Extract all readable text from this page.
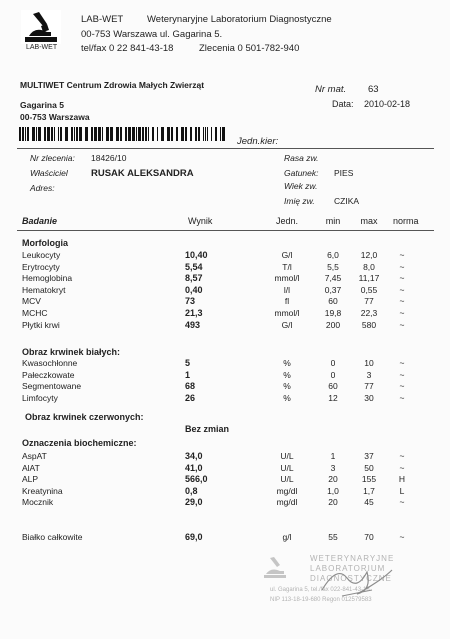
LAB-WET
LAB-WET	Weterynaryjne Laboratorium Diagnostyczne
00-753 Warszawa ul. Gagarina 5.
tel/fax 0 22 841-43-18	Zlecenia 0 501-782-940
MULTIWET Centrum Zdrowia Małych Zwierząt	Nr mat. 63
Gagarina 5	Data: 2010-02-18
00-753 Warszawa
Jedn.kier:
Nr zlecenia: 18426/10	Rasa zw.
Właściciel RUSAK ALEKSANDRA	Gatunek: PIES
Adres:	Wiek zw.
Imię zw. CZIKA
Badanie	Wynik	Jedn.	min	max	norma
Morfologia
Leukocyty	10,40	G/l	6,0	12,0	~
Erytrocyty	5,54	T/l	5,5	8,0	~
Hemoglobina	8,57	mmol/l	7,45	11,17	~
Hematokryt	0,40	l/l	0,37	0,55	~
MCV	73	fl	60	77	~
MCHC	21,3	mmol/l	19,8	22,3	~
Płytki krwi	493	G/l	200	580	~
Obraz krwinek białych:
Kwasochłonne	5	%	0	10	~
Pałeczkowate	1	%	0	3	~
Segmentowane	68	%	60	77	~
Limfocyty	26	%	12	30	~
Obraz krwinek czerwonych:
Bez zmian
Oznaczenia biochemiczne:
AspAT	34,0	U/L	1	37	~
AlAT	41,0	U/L	3	50	~
ALP	566,0	U/L	20	155	H
Kreatynina	0,8	mg/dl	1,0	1,7	L
Mocznik	29,0	mg/dl	20	45	~
Białko całkowite	69,0	g/l	55	70	~
WETERYNARYJNE
LABORATORIUM
DIAGNOSTYCZNE
ul. Gagarina 5, tel./fax 022-841-43-18
NIP 113-18-19-680 Regon 012579583
